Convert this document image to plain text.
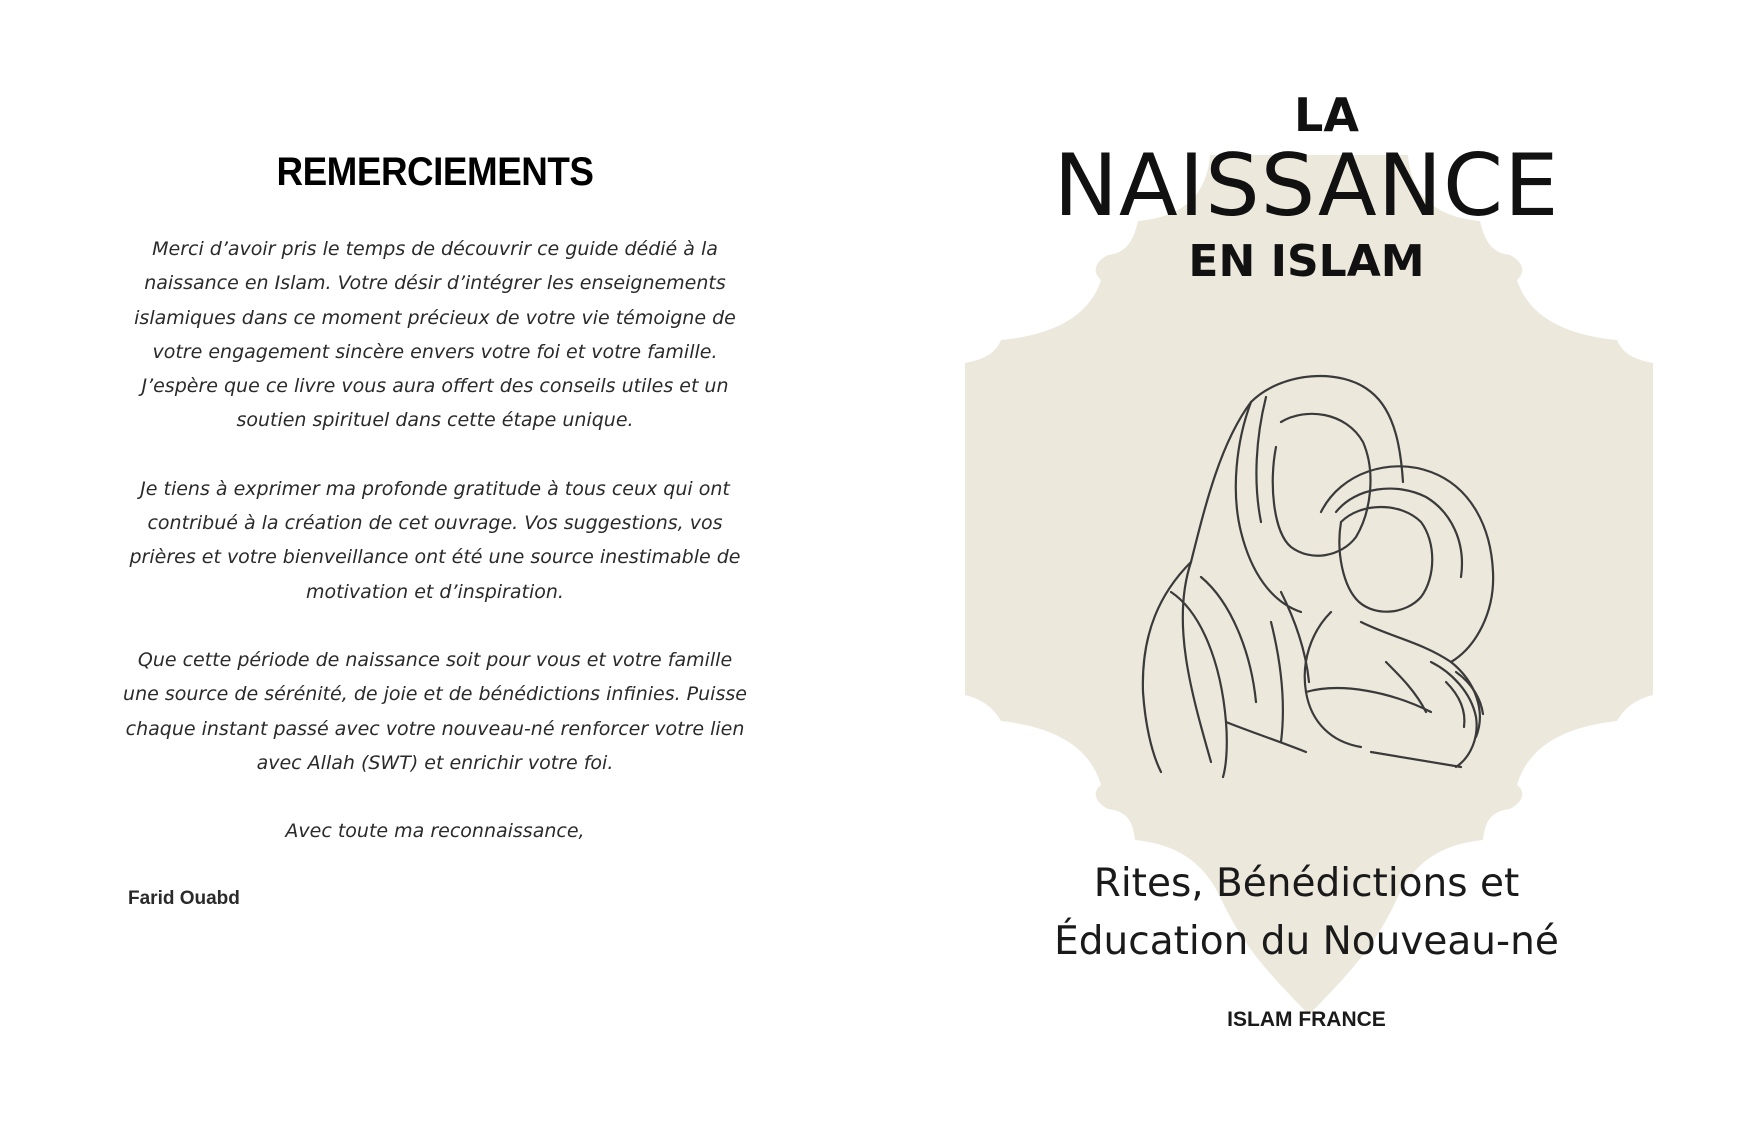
REMERCIEMENTS

Merci d’avoir pris le temps de découvrir ce guide dédié à la naissance en Islam. Votre désir d’intégrer les enseignements islamiques dans ce moment précieux de votre vie témoigne de votre engagement sincère envers votre foi et votre famille. J’espère que ce livre vous aura offert des conseils utiles et un soutien spirituel dans cette étape unique.

Je tiens à exprimer ma profonde gratitude à tous ceux qui ont contribué à la création de cet ouvrage. Vos suggestions, vos prières et votre bienveillance ont été une source inestimable de motivation et d’inspiration.

Que cette période de naissance soit pour vous et votre famille une source de sérénité, de joie et de bénédictions infinies. Puisse chaque instant passé avec votre nouveau-né renforcer votre lien avec Allah (SWT) et enrichir votre foi.

Avec toute ma reconnaissance,

Farid Ouabd

LA
NAISSANCE
EN ISLAM

Rites, Bénédictions et
Éducation du Nouveau-né

ISLAM FRANCE
